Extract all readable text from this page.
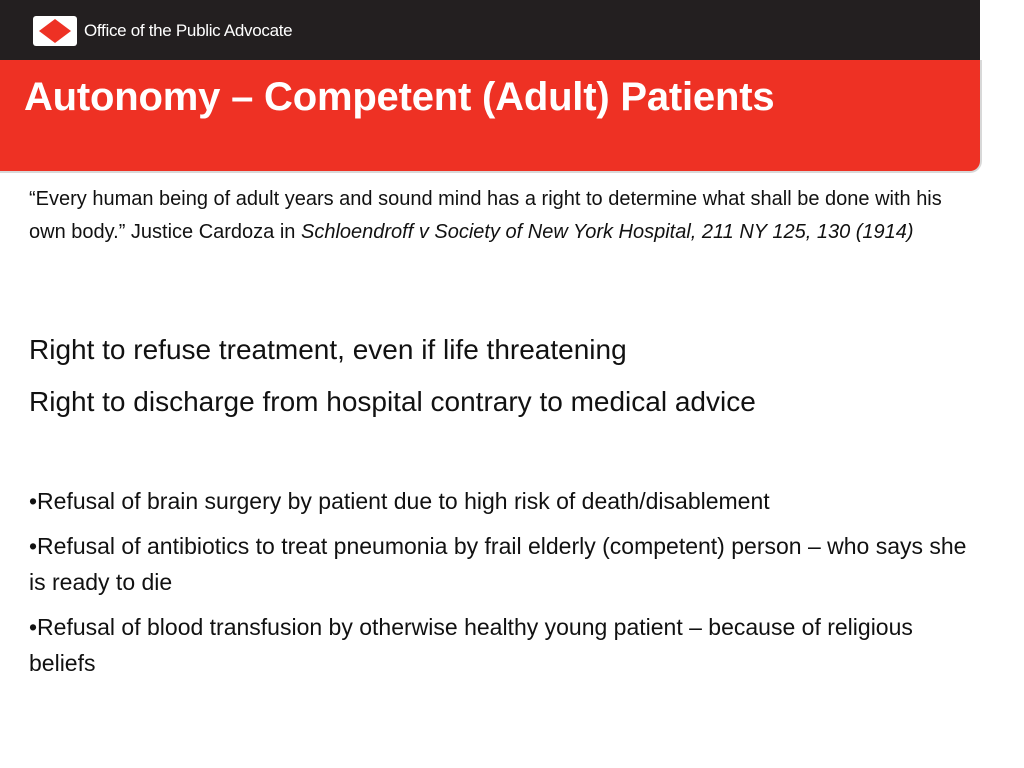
Office of the Public Advocate
Autonomy – Competent (Adult) Patients

“Every human being of adult years and sound mind has a right to determine what shall be done with his own body.” Justice Cardoza in Schloendroff v Society of New York Hospital, 211 NY 125, 130 (1914)

Right to refuse treatment, even if life threatening
Right to discharge from hospital contrary to medical advice
•Refusal of brain surgery by patient due to high risk of death/disablement
•Refusal of antibiotics to treat pneumonia by frail elderly (competent) person – who says she is ready to die
•Refusal of blood transfusion by otherwise healthy young patient – because of religious beliefs
